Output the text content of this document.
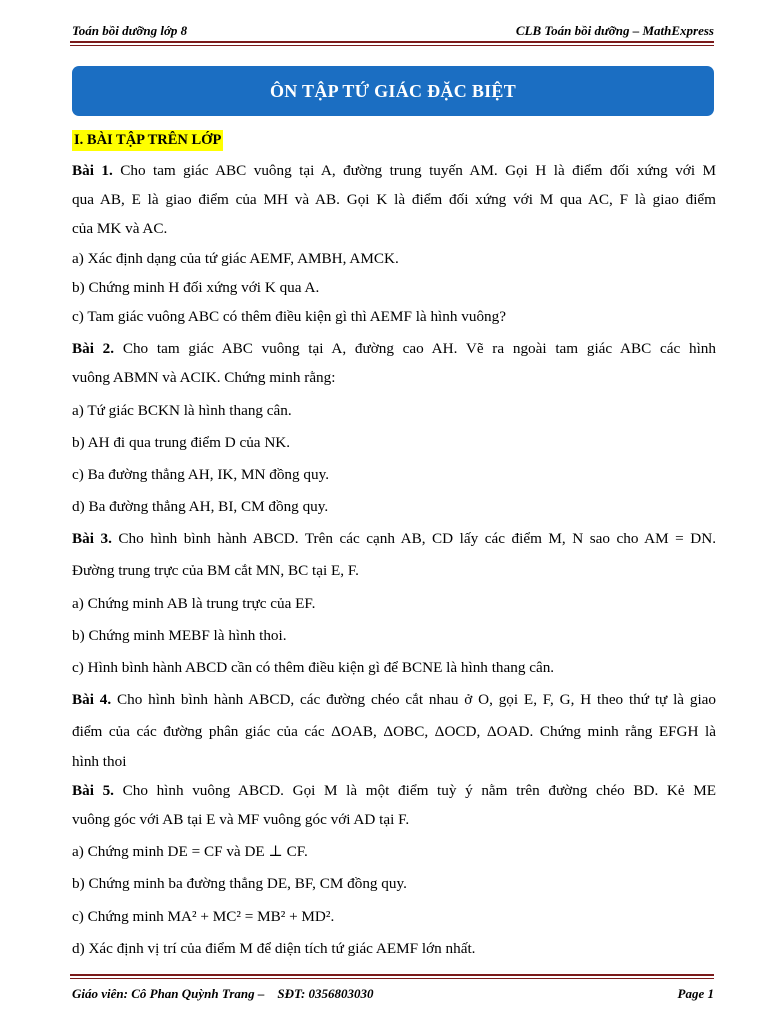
Toán bồi dưỡng lớp 8	CLB Toán bồi dưỡng – MathExpress
ÔN TẬP TỨ GIÁC ĐẶC BIỆT
I. BÀI TẬP TRÊN LỚP
Bài 1. Cho tam giác ABC vuông tại A, đường trung tuyến AM. Gọi H là điểm đối xứng với M
qua AB, E là giao điểm của MH và AB. Gọi K là điểm đối xứng với M qua AC, F là giao điểm
của MK và AC.
a) Xác định dạng của tứ giác AEMF, AMBH, AMCK.
b) Chứng minh H đối xứng với K qua A.
c) Tam giác vuông ABC có thêm điều kiện gì thì AEMF là hình vuông?
Bài 2. Cho tam giác ABC vuông tại A, đường cao AH. Vẽ ra ngoài tam giác ABC các hình
vuông ABMN và ACIK. Chứng minh rằng:
a) Tứ giác BCKN là hình thang cân.
b) AH đi qua trung điểm D của NK.
c) Ba đường thẳng AH, IK, MN đồng quy.
d) Ba đường thẳng AH, BI, CM đồng quy.
Bài 3. Cho hình bình hành ABCD. Trên các cạnh AB, CD lấy các điểm M, N sao cho AM = DN.
Đường trung trực của BM cắt MN, BC tại E, F.
a) Chứng minh AB là trung trực của EF.
b) Chứng minh MEBF là hình thoi.
c) Hình bình hành ABCD cần có thêm điều kiện gì để BCNE là hình thang cân.
Bài 4. Cho hình bình hành ABCD, các đường chéo cắt nhau ở O, gọi E, F, G, H theo thứ tự là giao
điểm của các đường phân giác của các ΔOAB, ΔOBC, ΔOCD, ΔOAD. Chứng minh rằng EFGH là
hình thoi
Bài 5. Cho hình vuông ABCD. Gọi M là một điểm tuỳ ý nằm trên đường chéo BD. Kẻ ME
vuông góc với AB tại E và MF vuông góc với AD tại F.
a) Chứng minh DE = CF và DE ⊥ CF.
b) Chứng minh ba đường thẳng DE, BF, CM đồng quy.
c) Chứng minh MA² + MC² = MB² + MD².
d) Xác định vị trí của điểm M để diện tích tứ giác AEMF lớn nhất.
Giáo viên: Cô Phan Quỳnh Trang –    SĐT: 0356803030	Page 1
